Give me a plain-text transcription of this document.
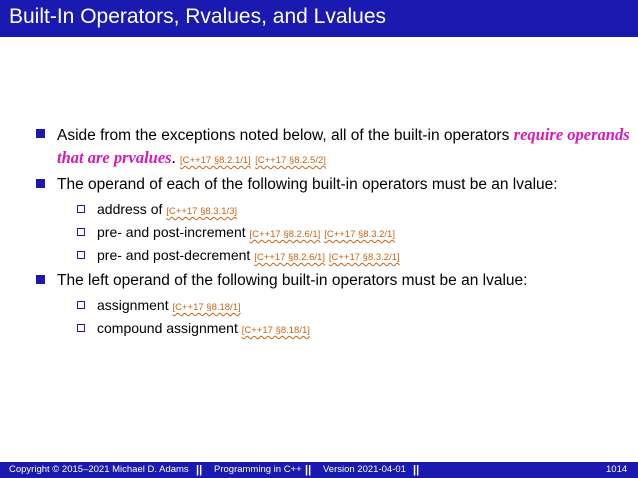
Built-In Operators, Rvalues, and Lvalues
Aside from the exceptions noted below, all of the built-in operators require operands that are prvalues. [C++17 §8.2.1/1] [C++17 §8.2.5/2]
The operand of each of the following built-in operators must be an lvalue:
address of [C++17 §8.3.1/3]
pre- and post-increment [C++17 §8.2.6/1] [C++17 §8.3.2/1]
pre- and post-decrement [C++17 §8.2.6/1] [C++17 §8.3.2/1]
The left operand of the following built-in operators must be an lvalue:
assignment [C++17 §8.18/1]
compound assignment [C++17 §8.18/1]
Copyright © 2015–2021 Michael D. Adams || Programming in C++ || Version 2021-04-01 ||	1014
